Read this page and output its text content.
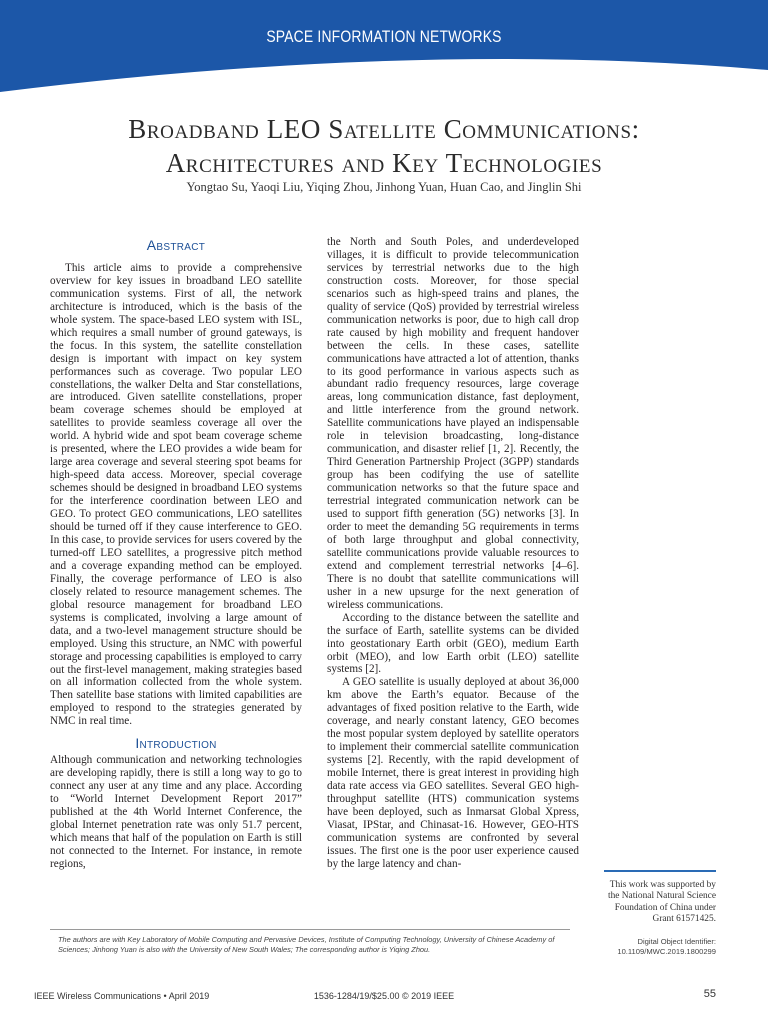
SPACE INFORMATION NETWORKS
Broadband LEO Satellite Communications:
Architectures and Key Technologies
Yongtao Su, Yaoqi Liu, Yiqing Zhou, Jinhong Yuan, Huan Cao, and Jinglin Shi
Abstract

This article aims to provide a comprehensive overview for key issues in broadband LEO satellite communication systems. First of all, the network architecture is introduced, which is the basis of the whole system. The space-based LEO system with ISL, which requires a small number of ground gateways, is the focus. In this system, the satellite constellation design is important with impact on key system performances such as coverage. Two popular LEO constellations, the walker Delta and Star constellations, are introduced. Given satellite constellations, proper beam coverage schemes should be employed at satellites to provide seamless coverage all over the world. A hybrid wide and spot beam coverage scheme is presented, where the LEO provides a wide beam for large area coverage and several steering spot beams for high-speed data access. Moreover, special coverage schemes should be designed in broadband LEO systems for the interference coordination between LEO and GEO. To protect GEO communications, LEO satellites should be turned off if they cause interference to GEO. In this case, to provide services for users covered by the turned-off LEO satellites, a progressive pitch method and a coverage expanding method can be employed. Finally, the coverage performance of LEO is also closely related to resource management schemes. The global resource management for broadband LEO systems is complicated, involving a large amount of data, and a two-level management structure should be employed. Using this structure, an NMC with powerful storage and processing capabilities is employed to carry out the first-level management, making strategies based on all information collected from the whole system. Then satellite base stations with limited capabilities are employed to respond to the strategies generated by NMC in real time.

Introduction

Although communication and networking technologies are developing rapidly, there is still a long way to go to connect any user at any time and any place. According to “World Internet Development Report 2017” published at the 4th World Internet Conference, the global Internet penetration rate was only 51.7 percent, which means that half of the population on Earth is still not connected to the Internet. For instance, in remote regions,

the North and South Poles, and underdeveloped villages, it is difficult to provide telecommunication services by terrestrial networks due to the high construction costs. Moreover, for those special scenarios such as high-speed trains and planes, the quality of service (QoS) provided by terrestrial wireless communication networks is poor, due to high call drop rate caused by high mobility and frequent handover between the cells. In these cases, satellite communications have attracted a lot of attention, thanks to its good performance in various aspects such as abundant radio frequency resources, large coverage areas, long communication distance, fast deployment, and little interference from the ground network. Satellite communications have played an indispensable role in television broadcasting, long-distance communication, and disaster relief [1, 2]. Recently, the Third Generation Partnership Project (3GPP) standards group has been codifying the use of satellite communication networks so that the future space and terrestrial integrated communication network can be used to support fifth generation (5G) networks [3]. In order to meet the demanding 5G requirements in terms of both large throughput and global connectivity, satellite communications provide valuable resources to extend and complement terrestrial networks [4–6]. There is no doubt that satellite communications will usher in a new upsurge for the next generation of wireless communications.

According to the distance between the satellite and the surface of Earth, satellite systems can be divided into geostationary Earth orbit (GEO), medium Earth orbit (MEO), and low Earth orbit (LEO) satellite systems [2].

A GEO satellite is usually deployed at about 36,000 km above the Earth’s equator. Because of the advantages of fixed position relative to the Earth, wide coverage, and nearly constant latency, GEO becomes the most popular system deployed by satellite operators to implement their commercial satellite communication systems [2]. Recently, with the rapid development of mobile Internet, there is great interest in providing high data rate access via GEO satellites. Several GEO high-throughput satellite (HTS) communication systems have been deployed, such as Inmarsat Global Xpress, Viasat, IPStar, and Chinasat-16. However, GEO-HTS communication systems are confronted by several issues. The first one is the poor user experience caused by the large latency and chan-

This work was supported by the National Natural Science Foundation of China under Grant 61571425.
The authors are with Key Laboratory of Mobile Computing and Pervasive Devices, Institute of Computing Technology, University of Chinese Academy of Sciences; Jinhong Yuan is also with the University of New South Wales; The corresponding author is Yiqing Zhou.
Digital Object Identifier:
10.1109/MWC.2019.1800299
IEEE Wireless Communications • April 2019	1536-1284/19/$25.00 © 2019 IEEE	55
